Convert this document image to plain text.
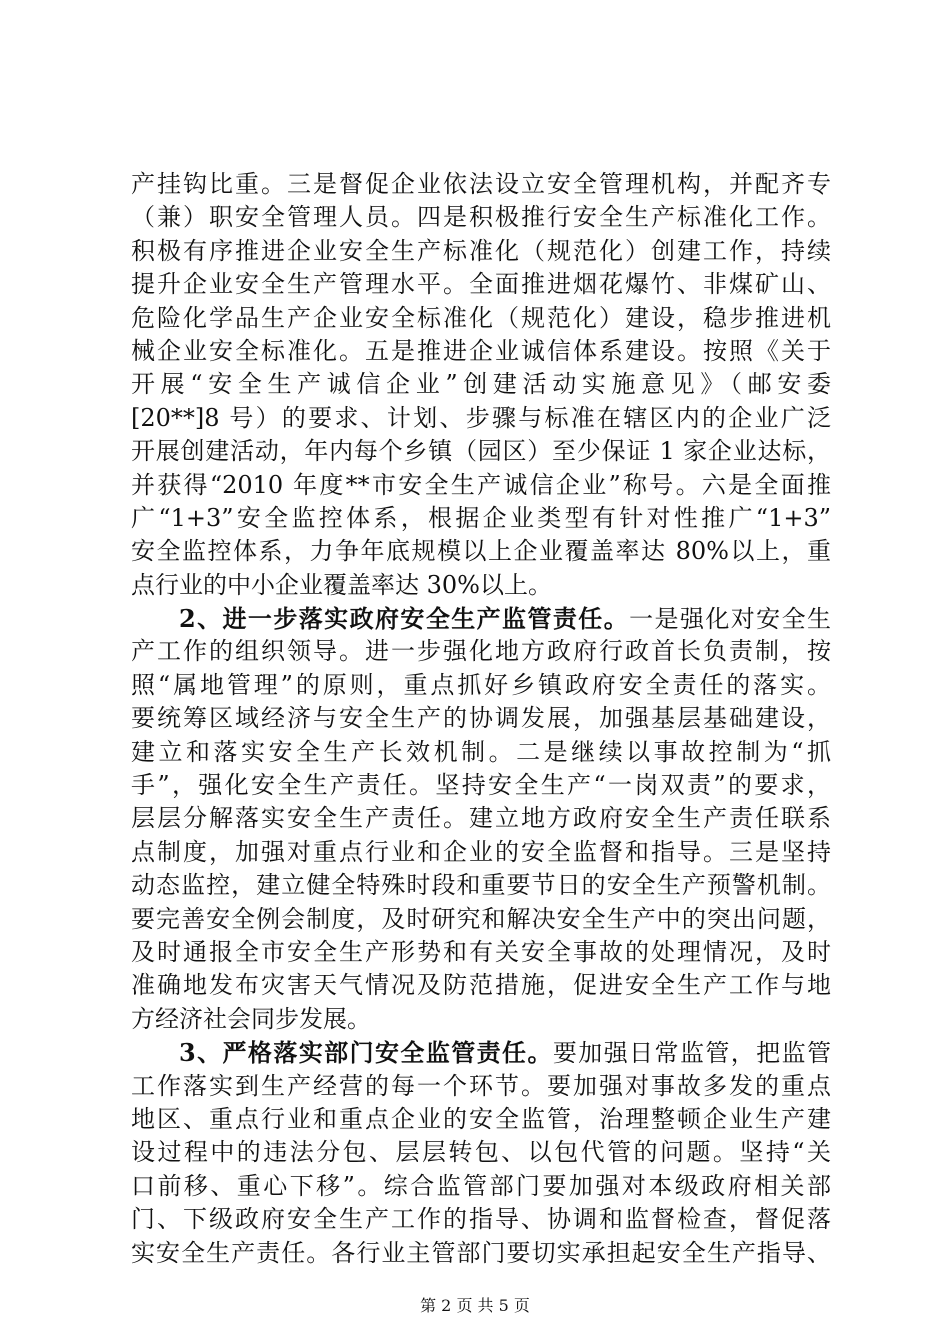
产挂钩比重。三是督促企业依法设立安全管理机构，并配齐专
（兼）职安全管理人员。四是积极推行安全生产标准化工作。
积极有序推进企业安全生产标准化（规范化）创建工作，持续
提升企业安全生产管理水平。全面推进烟花爆竹、非煤矿山、
危险化学品生产企业安全标准化（规范化）建设，稳步推进机
械企业安全标准化。五是推进企业诚信体系建设。按照《关于
开展“安全生产诚信企业”创建活动实施意见》（邮安委
[20**]8 号）的要求、计划、步骤与标准在辖区内的企业广泛
开展创建活动，年内每个乡镇（园区）至少保证 1 家企业达标，
并获得“2010 年度**市安全生产诚信企业”称号。六是全面推
广“1+3”安全监控体系，根据企业类型有针对性推广“1+3”
安全监控体系，力争年底规模以上企业覆盖率达 80%以上，重
点行业的中小企业覆盖率达 30%以上。
2、进一步落实政府安全生产监管责任。一是强化对安全生
产工作的组织领导。进一步强化地方政府行政首长负责制，按
照“属地管理”的原则，重点抓好乡镇政府安全责任的落实。
要统筹区域经济与安全生产的协调发展，加强基层基础建设，
建立和落实安全生产长效机制。二是继续以事故控制为“抓
手”，强化安全生产责任。坚持安全生产“一岗双责”的要求，
层层分解落实安全生产责任。建立地方政府安全生产责任联系
点制度，加强对重点行业和企业的安全监督和指导。三是坚持
动态监控，建立健全特殊时段和重要节日的安全生产预警机制。
要完善安全例会制度，及时研究和解决安全生产中的突出问题，
及时通报全市安全生产形势和有关安全事故的处理情况，及时
准确地发布灾害天气情况及防范措施，促进安全生产工作与地
方经济社会同步发展。
3、严格落实部门安全监管责任。要加强日常监管，把监管
工作落实到生产经营的每一个环节。要加强对事故多发的重点
地区、重点行业和重点企业的安全监管，治理整顿企业生产建
设过程中的违法分包、层层转包、以包代管的问题。坚持“关
口前移、重心下移”。综合监管部门要加强对本级政府相关部
门、下级政府安全生产工作的指导、协调和监督检查，督促落
实安全生产责任。各行业主管部门要切实承担起安全生产指导、
第 2 页 共 5 页
